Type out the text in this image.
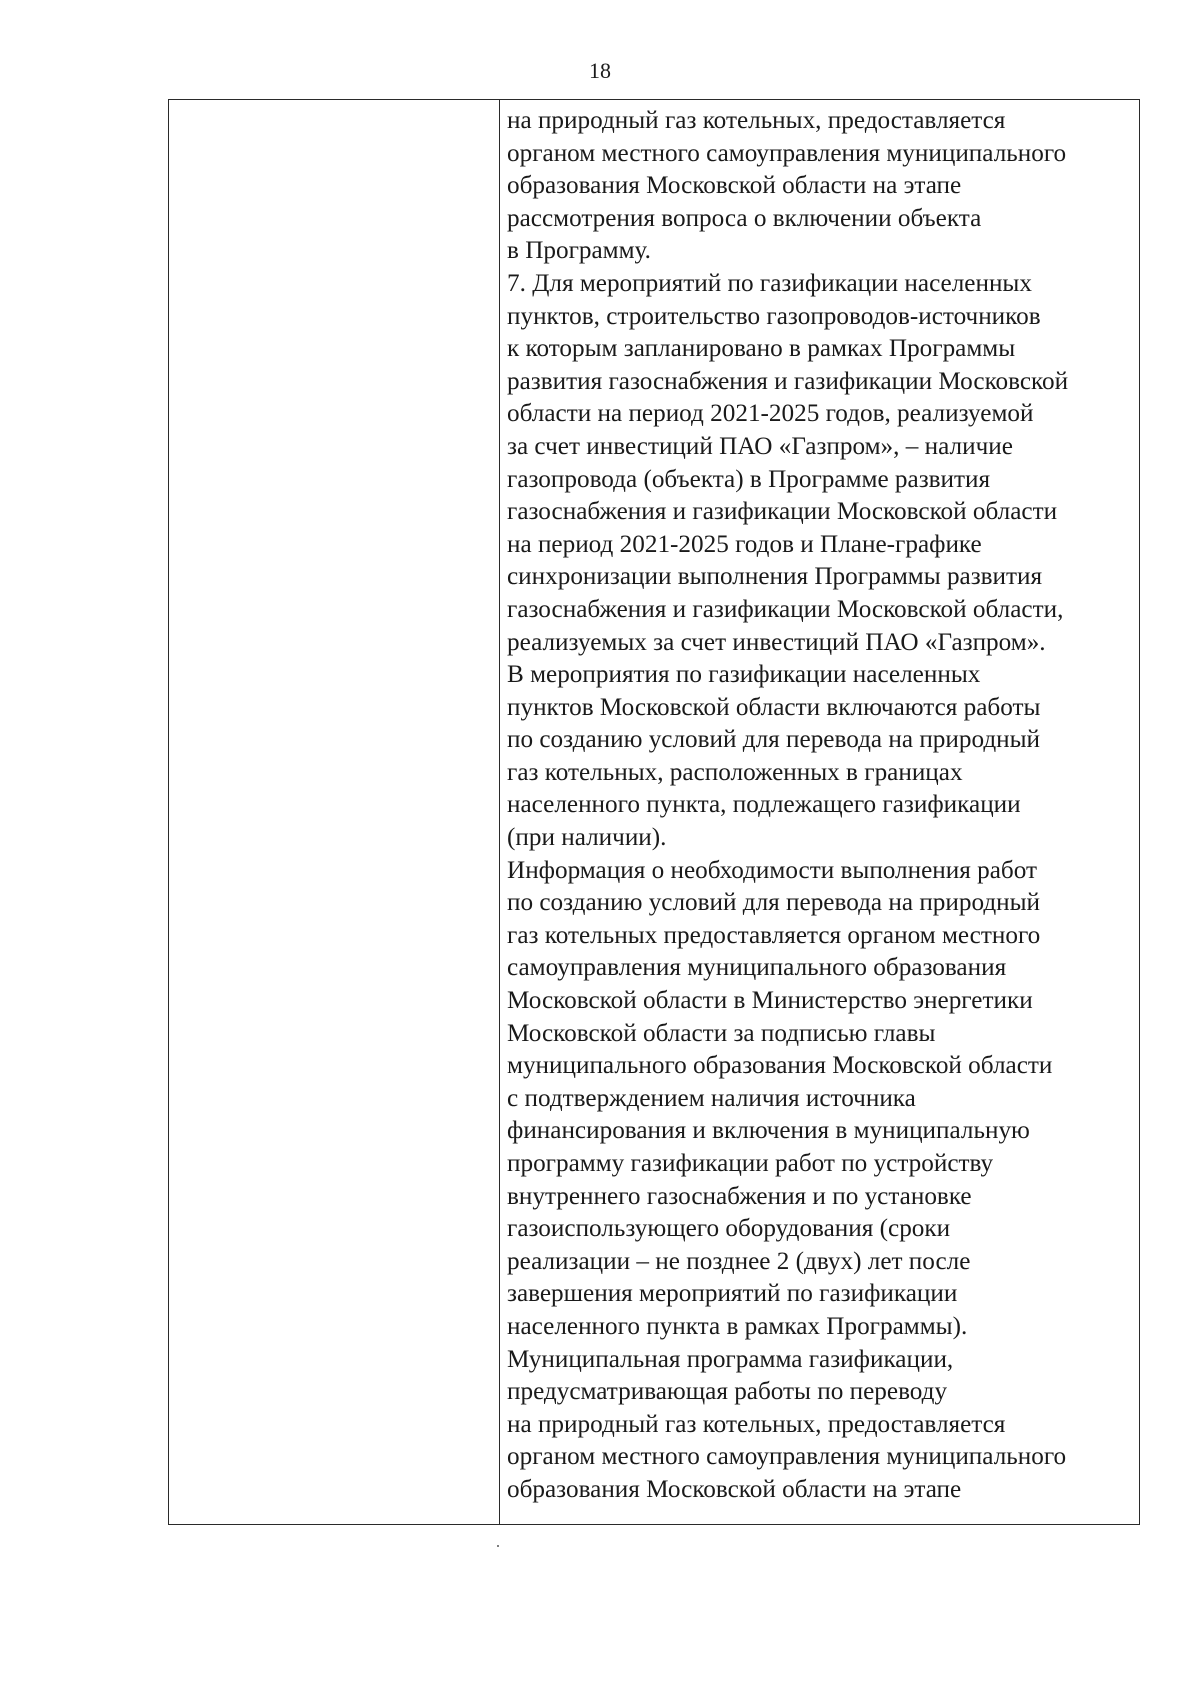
18
на природный газ котельных, предоставляется
органом местного самоуправления муниципального
образования Московской области на этапе
рассмотрения вопроса о включении объекта
в Программу.
7. Для мероприятий по газификации населенных
пунктов, строительство газопроводов-источников
к которым запланировано в рамках Программы
развития газоснабжения и газификации Московской
области на период 2021-2025 годов, реализуемой
за счет инвестиций ПАО «Газпром», – наличие
газопровода (объекта) в Программе развития
газоснабжения и газификации Московской области
на период 2021-2025 годов и Плане-графике
синхронизации выполнения Программы развития
газоснабжения и газификации Московской области,
реализуемых за счет инвестиций ПАО «Газпром».
В мероприятия по газификации населенных
пунктов Московской области включаются работы
по созданию условий для перевода на природный
газ котельных, расположенных в границах
населенного пункта, подлежащего газификации
(при наличии).
Информация о необходимости выполнения работ
по созданию условий для перевода на природный
газ котельных предоставляется органом местного
самоуправления муниципального образования
Московской области в Министерство энергетики
Московской области за подписью главы
муниципального образования Московской области
с подтверждением наличия источника
финансирования и включения в муниципальную
программу газификации работ по устройству
внутреннего газоснабжения и по установке
газоиспользующего оборудования (сроки
реализации – не позднее 2 (двух) лет после
завершения мероприятий по газификации
населенного пункта в рамках Программы).
Муниципальная программа газификации,
предусматривающая работы по переводу
на природный газ котельных, предоставляется
органом местного самоуправления муниципального
образования Московской области на этапе
